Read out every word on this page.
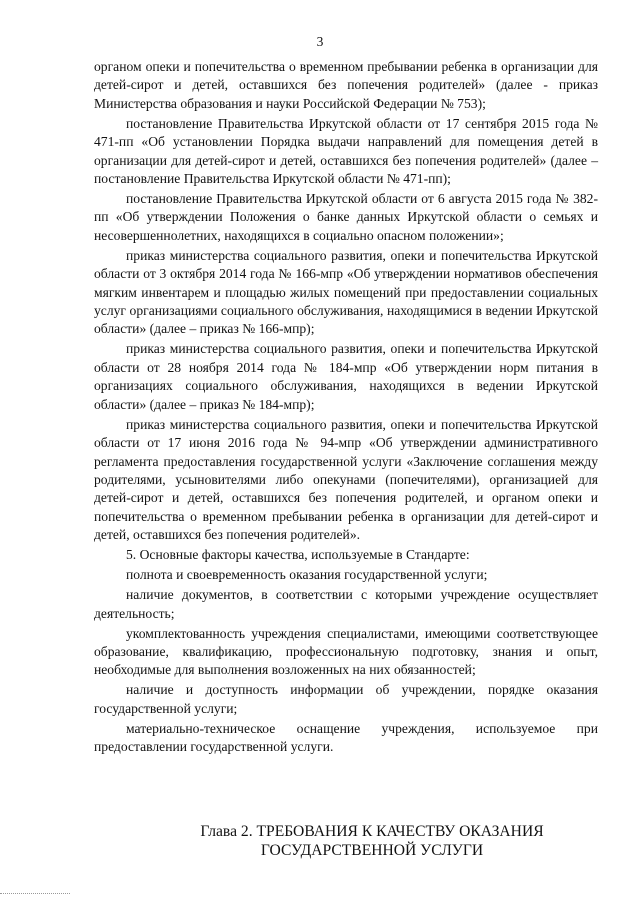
3

органом опеки и попечительства о временном пребывании ребенка в организации для детей-сирот и детей, оставшихся без попечения родителей» (далее - приказ Министерства образования и науки Российской Федерации № 753);

постановление Правительства Иркутской области от 17 сентября 2015 года № 471-пп «Об установлении Порядка выдачи направлений для помещения детей в организации для детей-сирот и детей, оставшихся без попечения родителей» (далее – постановление Правительства Иркутской области № 471-пп);

постановление Правительства Иркутской области от 6 августа 2015 года № 382-пп «Об утверждении Положения о банке данных Иркутской области о семьях и несовершеннолетних, находящихся в социально опасном положении»;

приказ министерства социального развития, опеки и попечительства Иркутской области от 3 октября 2014 года № 166-мпр «Об утверждении нормативов обеспечения мягким инвентарем и площадью жилых помещений при предоставлении социальных услуг организациями социального обслуживания, находящимися в ведении Иркутской области» (далее – приказ № 166-мпр);

приказ министерства социального развития, опеки и попечительства Иркутской области от 28 ноября 2014 года № 184-мпр «Об утверждении норм питания в организациях социального обслуживания, находящихся в ведении Иркутской области» (далее – приказ № 184-мпр);

приказ министерства социального развития, опеки и попечительства Иркутской области от 17 июня 2016 года № 94-мпр «Об утверждении административного регламента предоставления государственной услуги «Заключение соглашения между родителями, усыновителями либо опекунами (попечителями), организацией для детей-сирот и детей, оставшихся без попечения родителей, и органом опеки и попечительства о временном пребывании ребенка в организации для детей-сирот и детей, оставшихся без попечения родителей».

5. Основные факторы качества, используемые в Стандарте:

полнота и своевременность оказания государственной услуги;

наличие документов, в соответствии с которыми учреждение осуществляет деятельность;

укомплектованность учреждения специалистами, имеющими соответствующее образование, квалификацию, профессиональную подготовку, знания и опыт, необходимые для выполнения возложенных на них обязанностей;

наличие и доступность информации об учреждении, порядке оказания государственной услуги;

материально-техническое оснащение учреждения, используемое при предоставлении государственной услуги.

Глава 2. ТРЕБОВАНИЯ К КАЧЕСТВУ ОКАЗАНИЯ
ГОСУДАРСТВЕННОЙ УСЛУГИ
